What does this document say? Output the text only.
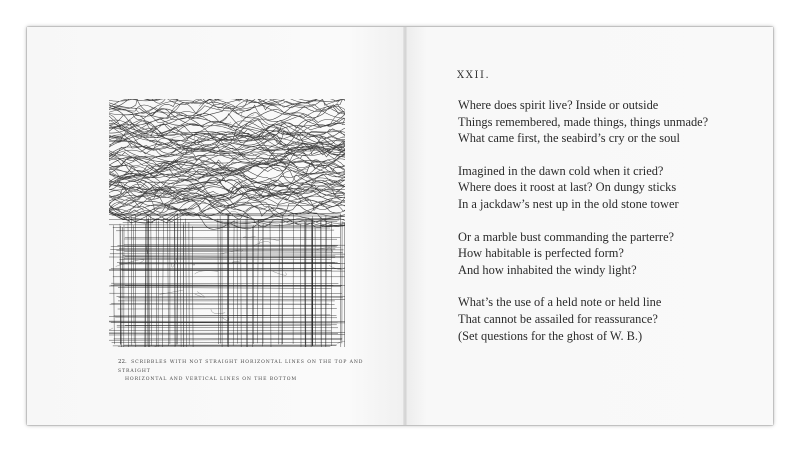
22. SCRIBBLES WITH NOT STRAIGHT HORIZONTAL LINES ON THE TOP AND STRAIGHT
HORIZONTAL AND VERTICAL LINES ON THE BOTTOM
XXII.
Where does spirit live? Inside or outside
Things remembered, made things, things unmade?
What came first, the seabird’s cry or the soul
Imagined in the dawn cold when it cried?
Where does it roost at last? On dungy sticks
In a jackdaw’s nest up in the old stone tower
Or a marble bust commanding the parterre?
How habitable is perfected form?
And how inhabited the windy light?
What’s the use of a held note or held line
That cannot be assailed for reassurance?
(Set questions for the ghost of W. B.)
